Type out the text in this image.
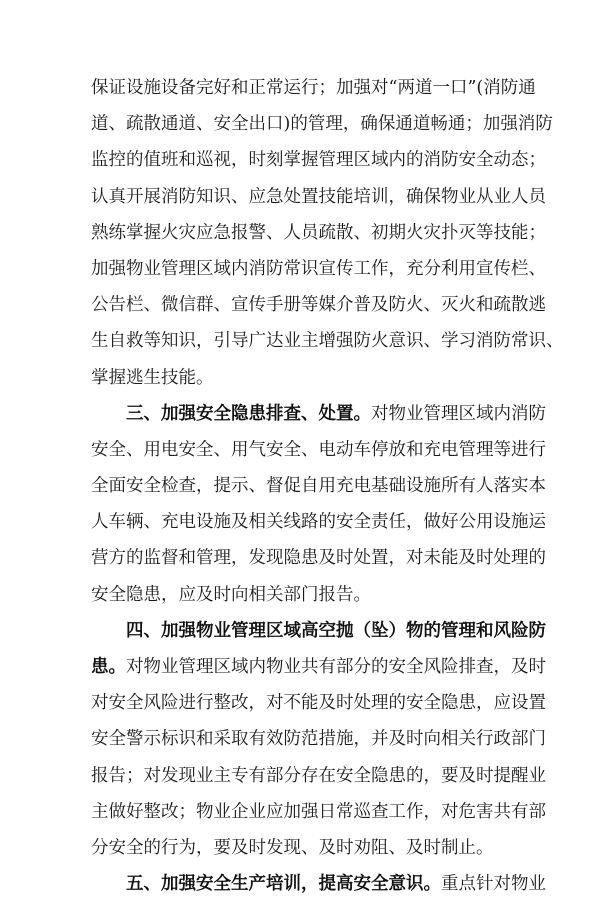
保证设施设备完好和正常运行；加强对“两道一口”(消防通
道、疏散通道、安全出口)的管理，确保通道畅通；加强消防
监控的值班和巡视，时刻掌握管理区域内的消防安全动态；
认真开展消防知识、应急处置技能培训，确保物业从业人员
熟练掌握火灾应急报警、人员疏散、初期火灾扑灭等技能；
加强物业管理区域内消防常识宣传工作，充分利用宣传栏、
公告栏、微信群、宣传手册等媒介普及防火、灭火和疏散逃
生自救等知识，引导广达业主增强防火意识、学习消防常识、
掌握逃生技能。
三、加强安全隐患排查、处置。对物业管理区域内消防
安全、用电安全、用气安全、电动车停放和充电管理等进行
全面安全检查，提示、督促自用充电基础设施所有人落实本
人车辆、充电设施及相关线路的安全责任，做好公用设施运
营方的监督和管理，发现隐患及时处置，对未能及时处理的
安全隐患，应及时向相关部门报告。
四、加强物业管理区域高空抛（坠）物的管理和风险防
患。对物业管理区域内物业共有部分的安全风险排查，及时
对安全风险进行整改，对不能及时处理的安全隐患，应设置
安全警示标识和采取有效防范措施，并及时向相关行政部门
报告；对发现业主专有部分存在安全隐患的，要及时提醒业
主做好整改；物业企业应加强日常巡查工作，对危害共有部
分安全的行为，要及时发现、及时劝阻、及时制止。
五、加强安全生产培训，提高安全意识。重点针对物业
